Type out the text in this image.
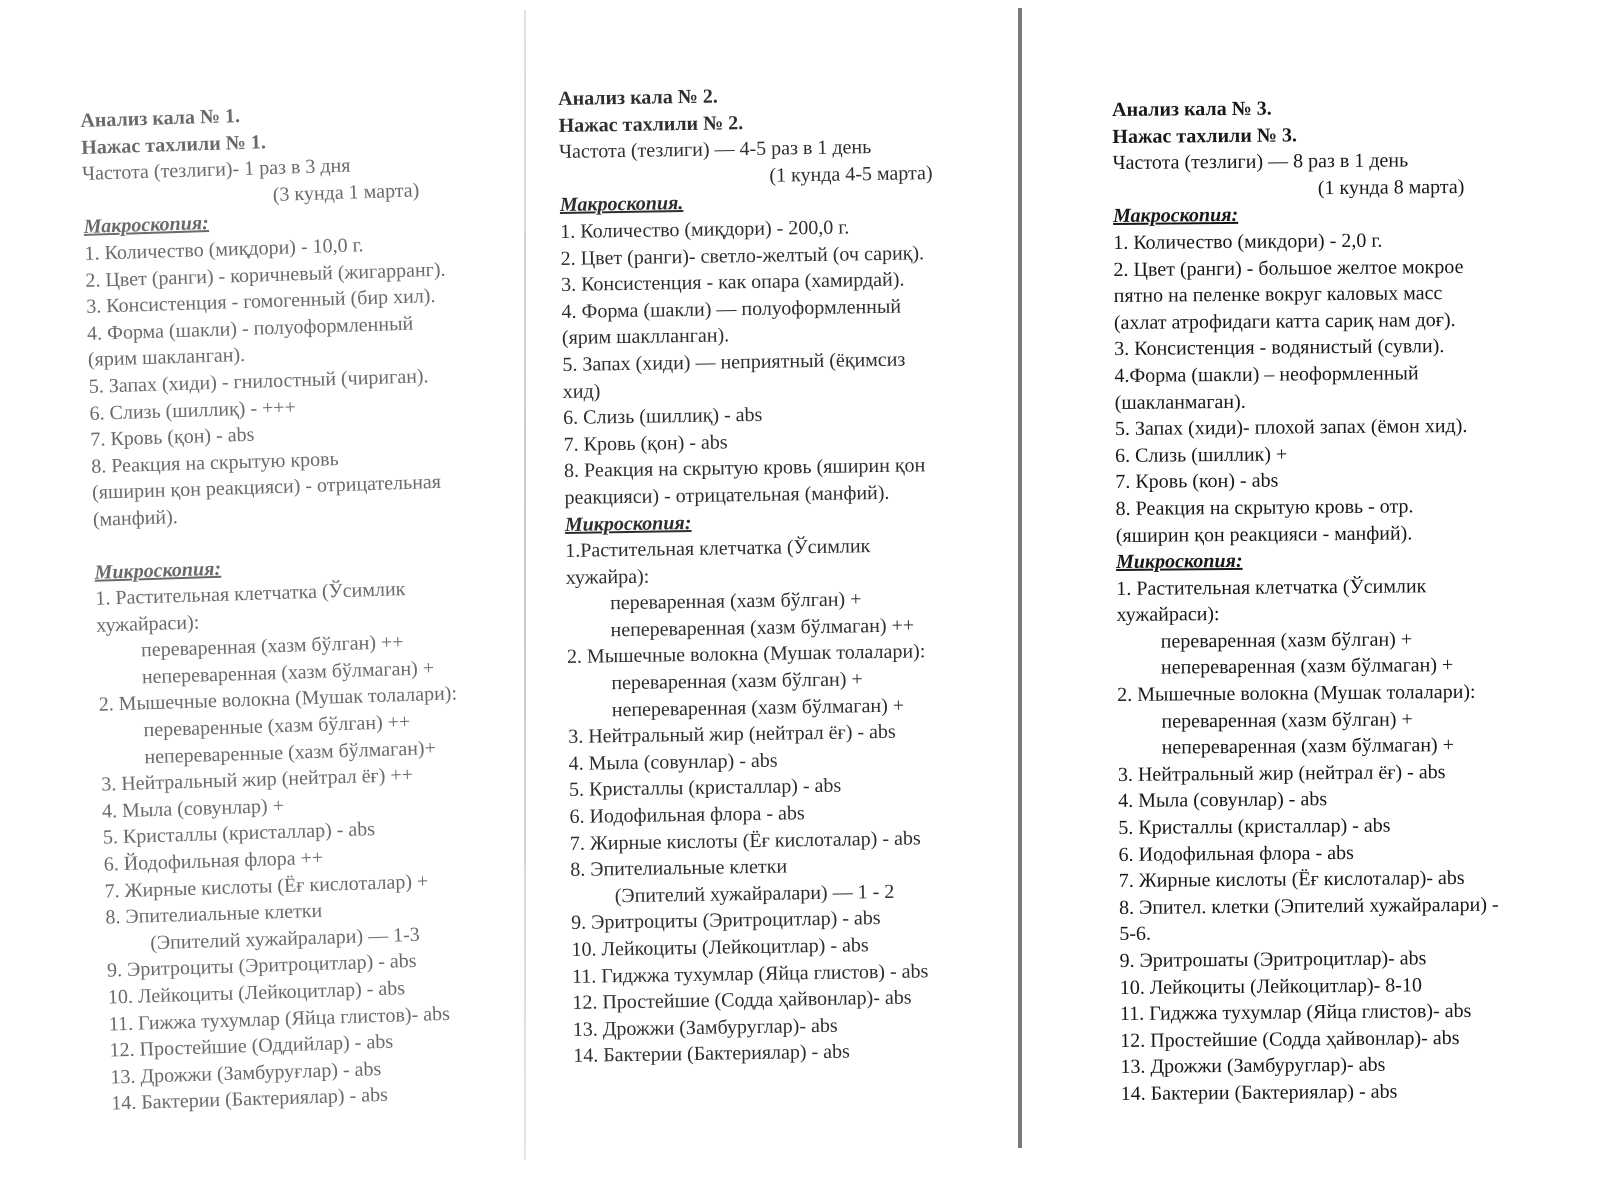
Анализ кала № 1.
Нажас тахлили № 1.
Частота (тезлиги)- 1 раз в 3 дня
(3 кунда 1 марта)
Макроскопия:
1. Количество (миқдори) - 10,0 г.
2. Цвет (ранги) - коричневый (жигарранг).
3. Консистенция - гомогенный (бир хил).
4. Форма (шакли) - полуоформленный
(ярим шакланган).
5. Запах (хиди) - гнилостный (чириган).
6. Слизь (шиллиқ) - +++
7. Кровь (қон) - abs
8. Реакция на скрытую кровь
(яширин қон реакцияси) - отрицательная
(манфий).
Микроскопия:
1. Растительная клетчатка (Ўсимлик
хужайраси):
переваренная (хазм бўлган) ++
непереваренная (хазм бўлмаган) +
2. Мышечные волокна (Мушак толалари):
переваренные (хазм бўлган) ++
непереваренные (хазм бўлмаган)+
3. Нейтральный жир (нейтрал ёғ) ++
4. Мыла (совунлар) +
5. Кристаллы (кристаллар) - abs
6. Йодофильная флора ++
7. Жирные кислоты (Ёғ кислоталар) +
8. Эпителиальные клетки
(Эпителий хужайралари) — 1-3
9. Эритроциты (Эритроцитлар) - abs
10. Лейкоциты (Лейкоцитлар) - abs
11. Гижжа тухумлар (Яйца глистов)- abs
12. Простейшие (Оддийлар) - abs
13. Дрожжи (Замбуруғлар) - abs
14. Бактерии (Бактериялар) - abs
Анализ кала № 2.
Нажас тахлили № 2.
Частота (тезлиги) — 4-5 раз в 1 день
(1 кунда 4-5 марта)
Макроскопия.
1. Количество (миқдори) - 200,0 г.
2. Цвет (ранги)- светло-желтый (оч сариқ).
3. Консистенция - как опара (хамирдай).
4. Форма (шакли) — полуоформленный
(ярим шаклланган).
5. Запах (хиди) — неприятный (ёқимсиз
хид)
6. Слизь (шиллиқ) - abs
7. Кровь (қон) - abs
8. Реакция на скрытую кровь (яширин қон
реакцияси) - отрицательная (манфий).
Микроскопия:
1.Растительная клетчатка (Ўсимлик
хужайра):
переваренная (хазм бўлган) +
непереваренная (хазм бўлмаган) ++
2. Мышечные волокна (Мушак толалари):
переваренная (хазм бўлган) +
непереваренная (хазм бўлмаган) +
3. Нейтральный жир (нейтрал ёғ) - abs
4. Мыла (совунлар) - abs
5. Кристаллы (кристаллар) - abs
6. Иодофильная флора - abs
7. Жирные кислоты (Ёғ кислоталар) - abs
8. Эпителиальные клетки
(Эпителий хужайралари) — 1 - 2
9. Эритроциты (Эритроцитлар) - abs
10. Лейкоциты (Лейкоцитлар) - abs
11. Гиджжа тухумлар (Яйца глистов) - abs
12. Простейшие (Содда ҳайвонлар)- abs
13. Дрожжи (Замбуруглар)- abs
14. Бактерии (Бактериялар) - abs
Анализ кала № 3.
Нажас тахлили № 3.
Частота (тезлиги) — 8 раз в 1 день
(1 кунда 8 марта)
Макроскопия:
1. Количество (микдори) - 2,0 г.
2. Цвет (ранги) - большое желтое мокрое
пятно на пеленке вокруг каловых масс
(ахлат атрофидаги катта сариқ нам доғ).
3. Консистенция - водянистый (сувли).
4.Форма (шакли) – неоформленный
(шакланмаган).
5. Запах (хиди)- плохой запах (ёмон хид).
6. Слизь (шиллик) +
7. Кровь (кон) - abs
8. Реакция на скрытую кровь - отр.
(яширин қон реакцияси - манфий).
Микроскопия:
1. Растительная клетчатка (Ўсимлик
хужайраси):
переваренная (хазм бўлган) +
непереваренная (хазм бўлмаган) +
2. Мышечные волокна (Мушак толалари):
переваренная (хазм бўлган) +
непереваренная (хазм бўлмаган) +
3. Нейтральный жир (нейтрал ёғ) - abs
4. Мыла (совунлар) - abs
5. Кристаллы (кристаллар) - abs
6. Иодофильная флора - abs
7. Жирные кислоты (Ёғ кислоталар)- abs
8. Эпител. клетки (Эпителий хужайралари) -
5-6.
9. Эритрошаты (Эритроцитлар)- abs
10. Лейкоциты (Лейкоцитлар)- 8-10
11. Гиджжа тухумлар (Яйца глистов)- abs
12. Простейшие (Содда ҳайвонлар)- abs
13. Дрожжи (Замбуруглар)- abs
14. Бактерии (Бактериялар) - abs
